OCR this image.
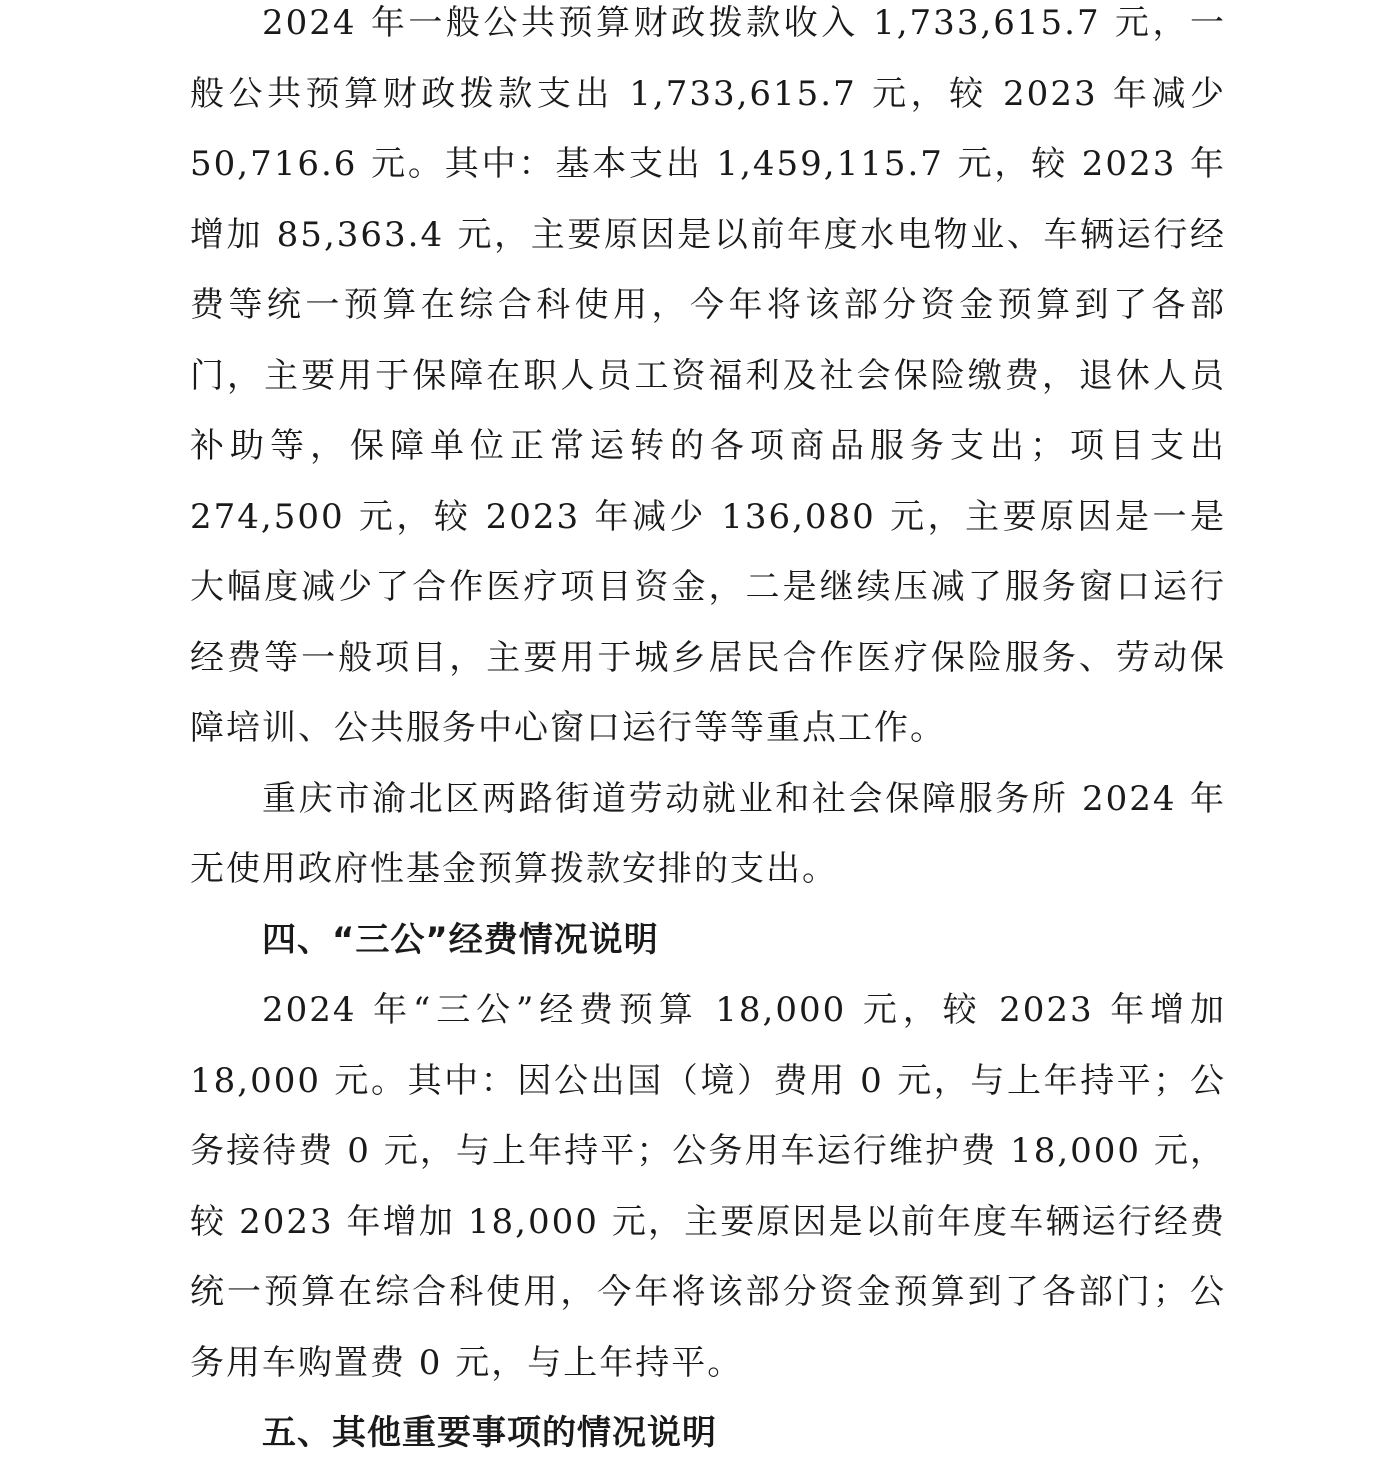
2024 年一般公共预算财政拨款收入 1,733,615.7 元，一般公共预算财政拨款支出 1,733,615.7 元，较 2023 年减少 50,716.6 元。其中：基本支出 1,459,115.7 元，较 2023 年增加 85,363.4 元，主要原因是以前年度水电物业、车辆运行经费等统一预算在综合科使用，今年将该部分资金预算到了各部门，主要用于保障在职人员工资福利及社会保险缴费，退休人员补助等，保障单位正常运转的各项商品服务支出；项目支出 274,500 元，较 2023 年减少 136,080 元，主要原因是一是大幅度减少了合作医疗项目资金，二是继续压减了服务窗口运行经费等一般项目，主要用于城乡居民合作医疗保险服务、劳动保障培训、公共服务中心窗口运行等等重点工作。

重庆市渝北区两路街道劳动就业和社会保障服务所 2024 年无使用政府性基金预算拨款安排的支出。

四、“三公”经费情况说明

2024 年“三公”经费预算 18,000 元，较 2023 年增加 18,000 元。其中：因公出国（境）费用 0 元，与上年持平；公务接待费 0 元，与上年持平；公务用车运行维护费 18,000 元，较 2023 年增加 18,000 元，主要原因是以前年度车辆运行经费统一预算在综合科使用，今年将该部分资金预算到了各部门；公务用车购置费 0 元，与上年持平。

五、其他重要事项的情况说明
